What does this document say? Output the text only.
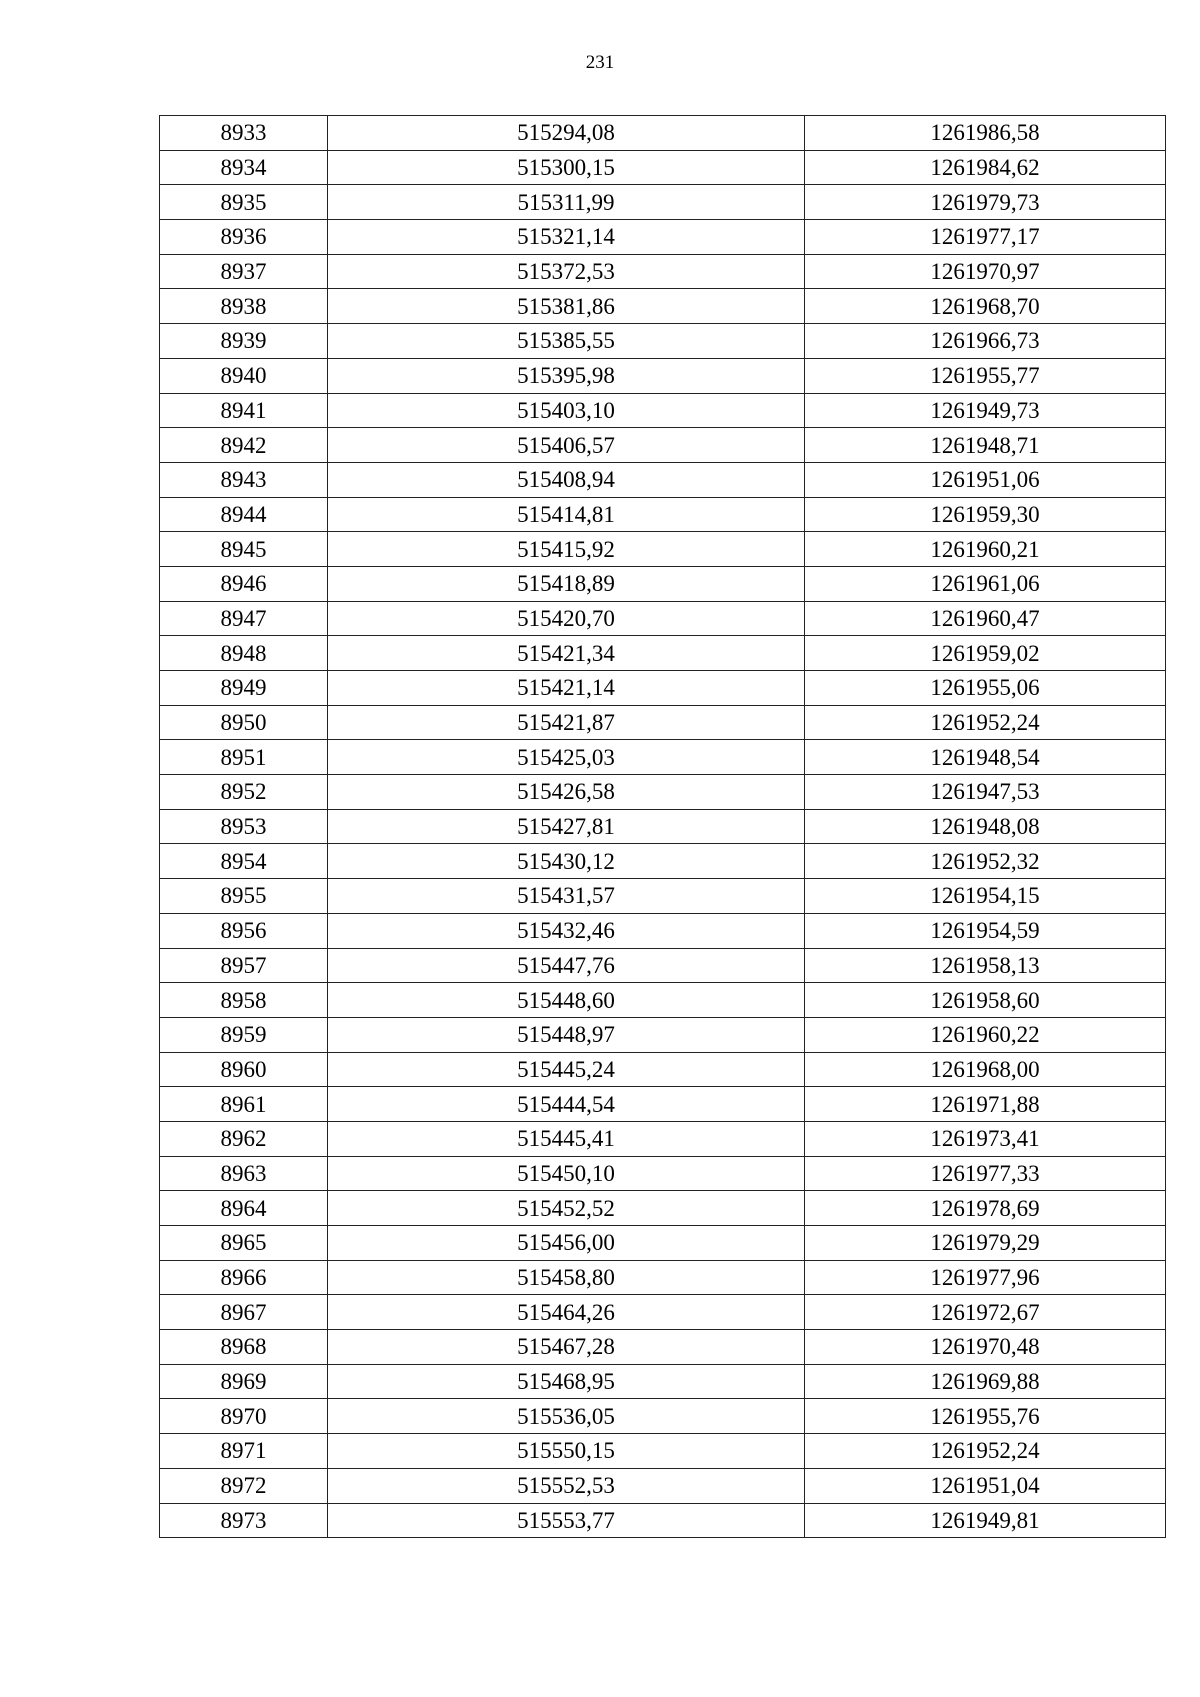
231
8933	515294,08	1261986,58
8934	515300,15	1261984,62
8935	515311,99	1261979,73
8936	515321,14	1261977,17
8937	515372,53	1261970,97
8938	515381,86	1261968,70
8939	515385,55	1261966,73
8940	515395,98	1261955,77
8941	515403,10	1261949,73
8942	515406,57	1261948,71
8943	515408,94	1261951,06
8944	515414,81	1261959,30
8945	515415,92	1261960,21
8946	515418,89	1261961,06
8947	515420,70	1261960,47
8948	515421,34	1261959,02
8949	515421,14	1261955,06
8950	515421,87	1261952,24
8951	515425,03	1261948,54
8952	515426,58	1261947,53
8953	515427,81	1261948,08
8954	515430,12	1261952,32
8955	515431,57	1261954,15
8956	515432,46	1261954,59
8957	515447,76	1261958,13
8958	515448,60	1261958,60
8959	515448,97	1261960,22
8960	515445,24	1261968,00
8961	515444,54	1261971,88
8962	515445,41	1261973,41
8963	515450,10	1261977,33
8964	515452,52	1261978,69
8965	515456,00	1261979,29
8966	515458,80	1261977,96
8967	515464,26	1261972,67
8968	515467,28	1261970,48
8969	515468,95	1261969,88
8970	515536,05	1261955,76
8971	515550,15	1261952,24
8972	515552,53	1261951,04
8973	515553,77	1261949,81
